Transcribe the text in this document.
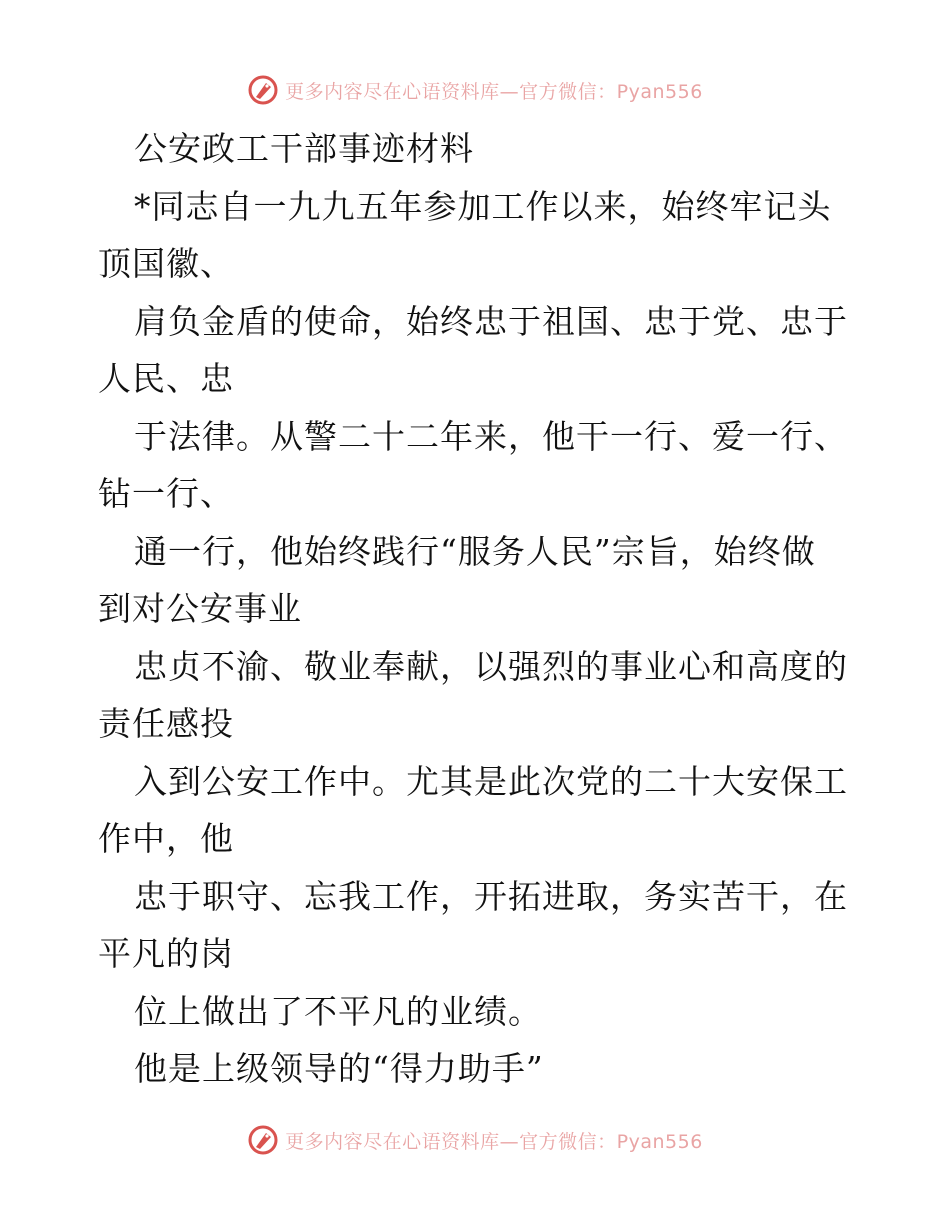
更多内容尽在心语资料库—官方微信：Pyan556
公安政工干部事迹材料
*同志自一九九五年参加工作以来，始终牢记头
顶国徽、
肩负金盾的使命，始终忠于祖国、忠于党、忠于
人民、忠
于法律。从警二十二年来，他干一行、爱一行、
钻一行、
通一行，他始终践行“服务人民”宗旨，始终做
到对公安事业
忠贞不渝、敬业奉献，以强烈的事业心和高度的
责任感投
入到公安工作中。尤其是此次党的二十大安保工
作中，他
忠于职守、忘我工作，开拓进取，务实苦干，在
平凡的岗
位上做出了不平凡的业绩。
他是上级领导的“得力助手”
更多内容尽在心语资料库—官方微信：Pyan556
